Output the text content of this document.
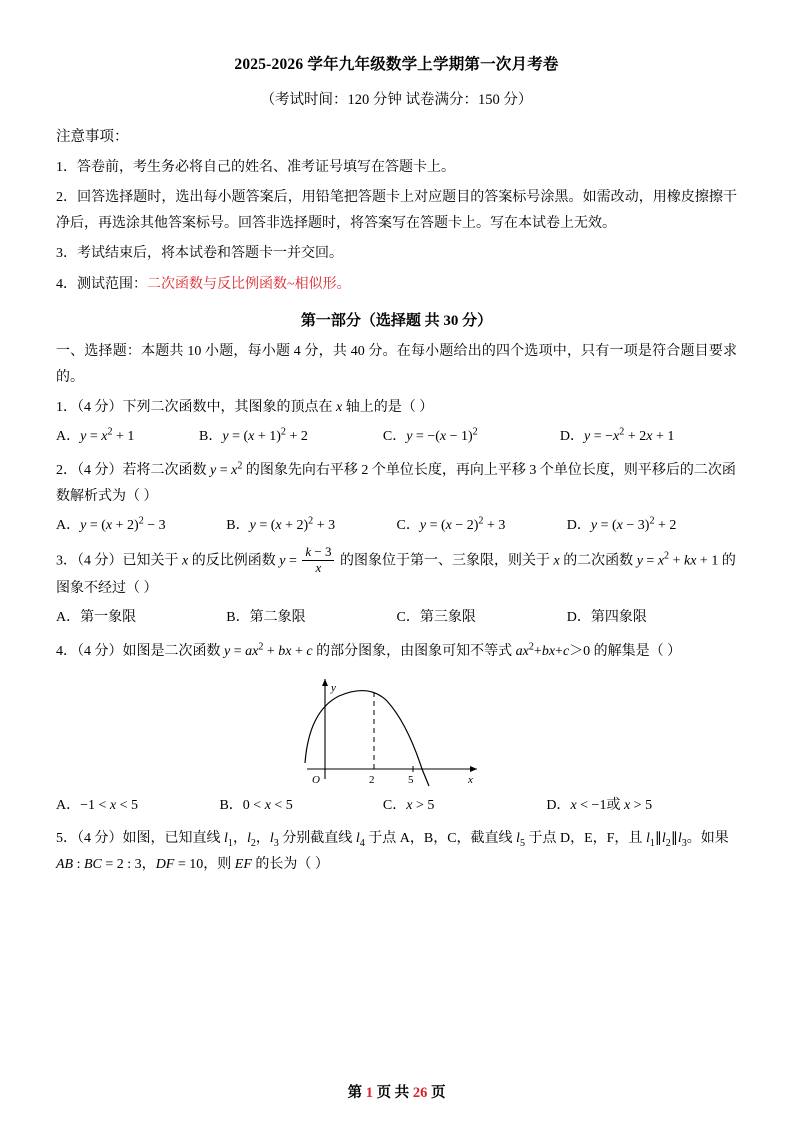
2025-2026 学年九年级数学上学期第一次月考卷
（考试时间：120 分钟 试卷满分：150 分）
注意事项：
1．答卷前，考生务必将自己的姓名、准考证号填写在答题卡上。
2．回答选择题时，选出每小题答案后，用铅笔把答题卡上对应题目的答案标号涂黑。如需改动，用橡皮擦擦干净后，再选涂其他答案标号。回答非选择题时，将答案写在答题卡上。写在本试卷上无效。
3．考试结束后，将本试卷和答题卡一并交回。
4．测试范围：二次函数与反比例函数~相似形。
第一部分（选择题 共 30 分）
一、选择题：本题共 10 小题，每小题 4 分，共 40 分。在每小题给出的四个选项中，只有一项是符合题目要求的。
1．（4 分）下列二次函数中，其图象的顶点在 x 轴上的是（ ）
A．$y = x^2 + 1$	B．$y = (x + 1)^2 + 2$	C．$y = -(x - 1)^2$	D．$y = -x^2 + 2x + 1$
2．（4 分）若将二次函数 $y = x^2$ 的图象先向右平移 2 个单位长度，再向上平移 3 个单位长度，则平移后的二次函数解析式为（ ）
A．$y = (x + 2)^2 - 3$	B．$y = (x + 2)^2 + 3$	C．$y = (x - 2)^2 + 3$	D．$y = (x - 3)^2 + 2$
3．（4 分）已知关于 x 的反比例函数 $y = \frac{k - 3}{x}$ 的图象位于第一、三象限，则关于 x 的二次函数 $y = x^2$ + kx + 1 的图象不经过（ ）
A．第一象限	B．第二象限	C．第三象限	D．第四象限
4．（4 分）如图是二次函数 $y = ax^2$ + bx + c 的部分图象，由图象可知不等式 $ax^2+bx+c>0$ 的解集是（ ）
O	2	5
y
x
A．−1 < x < 5	B．0 < x < 5	C．x > 5	D．x < −1或 x > 5
5．（4 分）如图，已知直线 $l_1$，$l_2$，$l_3$ 分别截直线 $l_4$ 于点 A，B，C，截直线 $l_5$ 于点 D，E，F，且 $l_1\parallel l_2\parallel l_3$。如果 AB : BC = 2 : 3，DF = 10，则 EF 的长为（ ）
第 1 页 共 26 页
